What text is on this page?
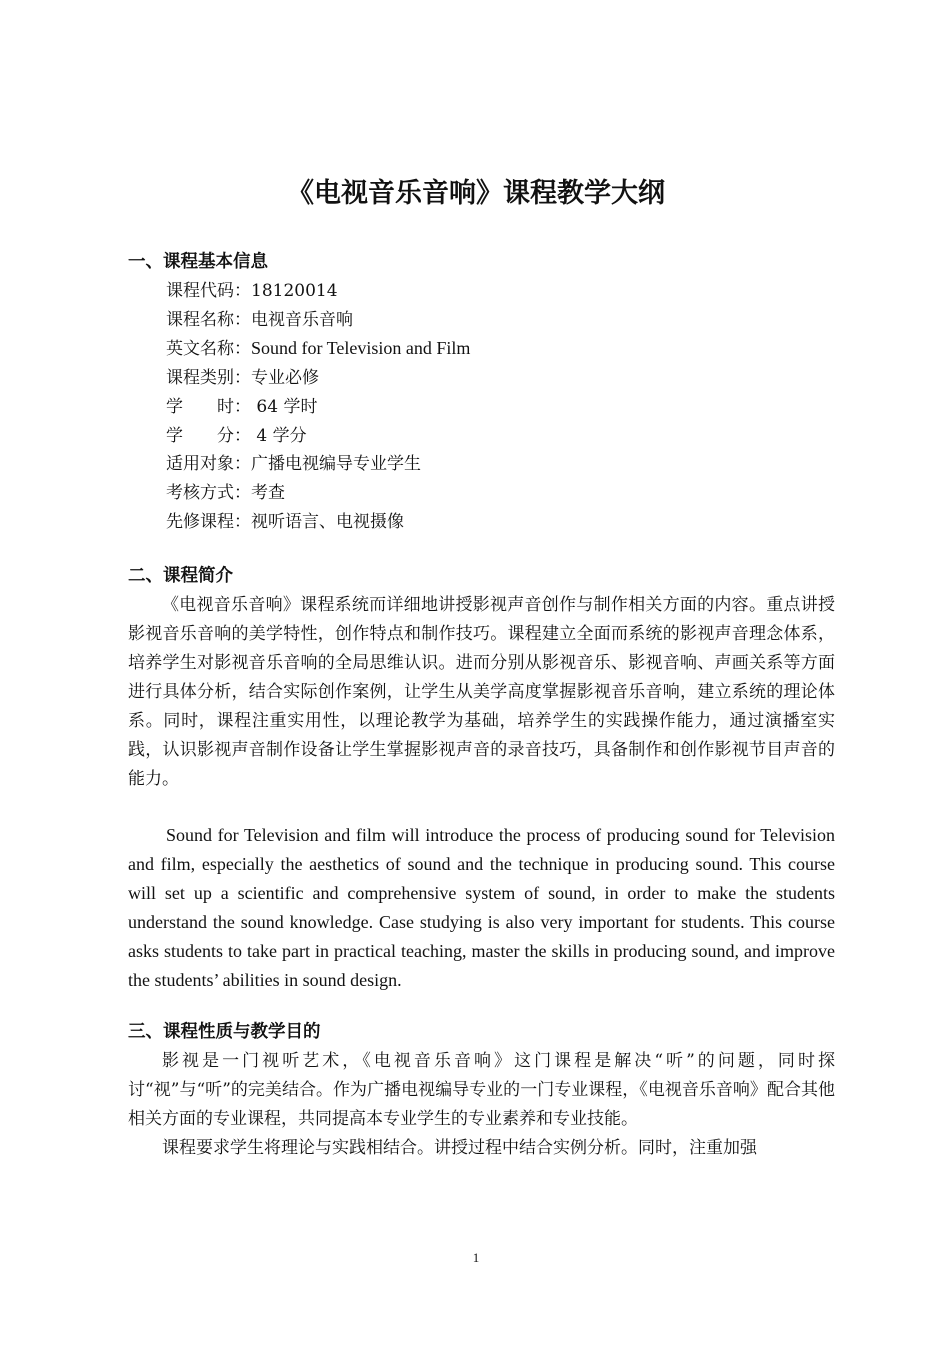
《电视音乐音响》课程教学大纲
一、课程基本信息
课程代码：18120014
课程名称：电视音乐音响
英文名称：Sound for Television and Film
课程类别：专业必修
学　　时： 64 学时
学　　分： 4 学分
适用对象：广播电视编导专业学生
考核方式：考查
先修课程：视听语言、电视摄像
二、课程简介

《电视音乐音响》课程系统而详细地讲授影视声音创作与制作相关方面的内容。重点讲授影视音乐音响的美学特性，创作特点和制作技巧。课程建立全面而系统的影视声音理念体系，培养学生对影视音乐音响的全局思维认识。进而分别从影视音乐、影视音响、声画关系等方面进行具体分析，结合实际创作案例，让学生从美学高度掌握影视音乐音响，建立系统的理论体系。同时，课程注重实用性，以理论教学为基础，培养学生的实践操作能力，通过演播室实践，认识影视声音制作设备让学生掌握影视声音的录音技巧，具备制作和创作影视节目声音的能力。

Sound for Television and film will introduce the process of producing sound for Television and film, especially the aesthetics of sound and the technique in producing sound. This course will set up a scientific and comprehensive system of sound, in order to make the students understand the sound knowledge. Case studying is also very important for students. This course asks students to take part in practical teaching, master the skills in producing sound, and improve the students’ abilities in sound design.

三、课程性质与教学目的

影视是一门视听艺术，《电视音乐音响》这门课程是解决“听”的问题，同时探讨“视”与“听”的完美结合。作为广播电视编导专业的一门专业课程，《电视音乐音响》配合其他相关方面的专业课程，共同提高本专业学生的专业素养和专业技能。

课程要求学生将理论与实践相结合。讲授过程中结合实例分析。同时，注重加强

1
